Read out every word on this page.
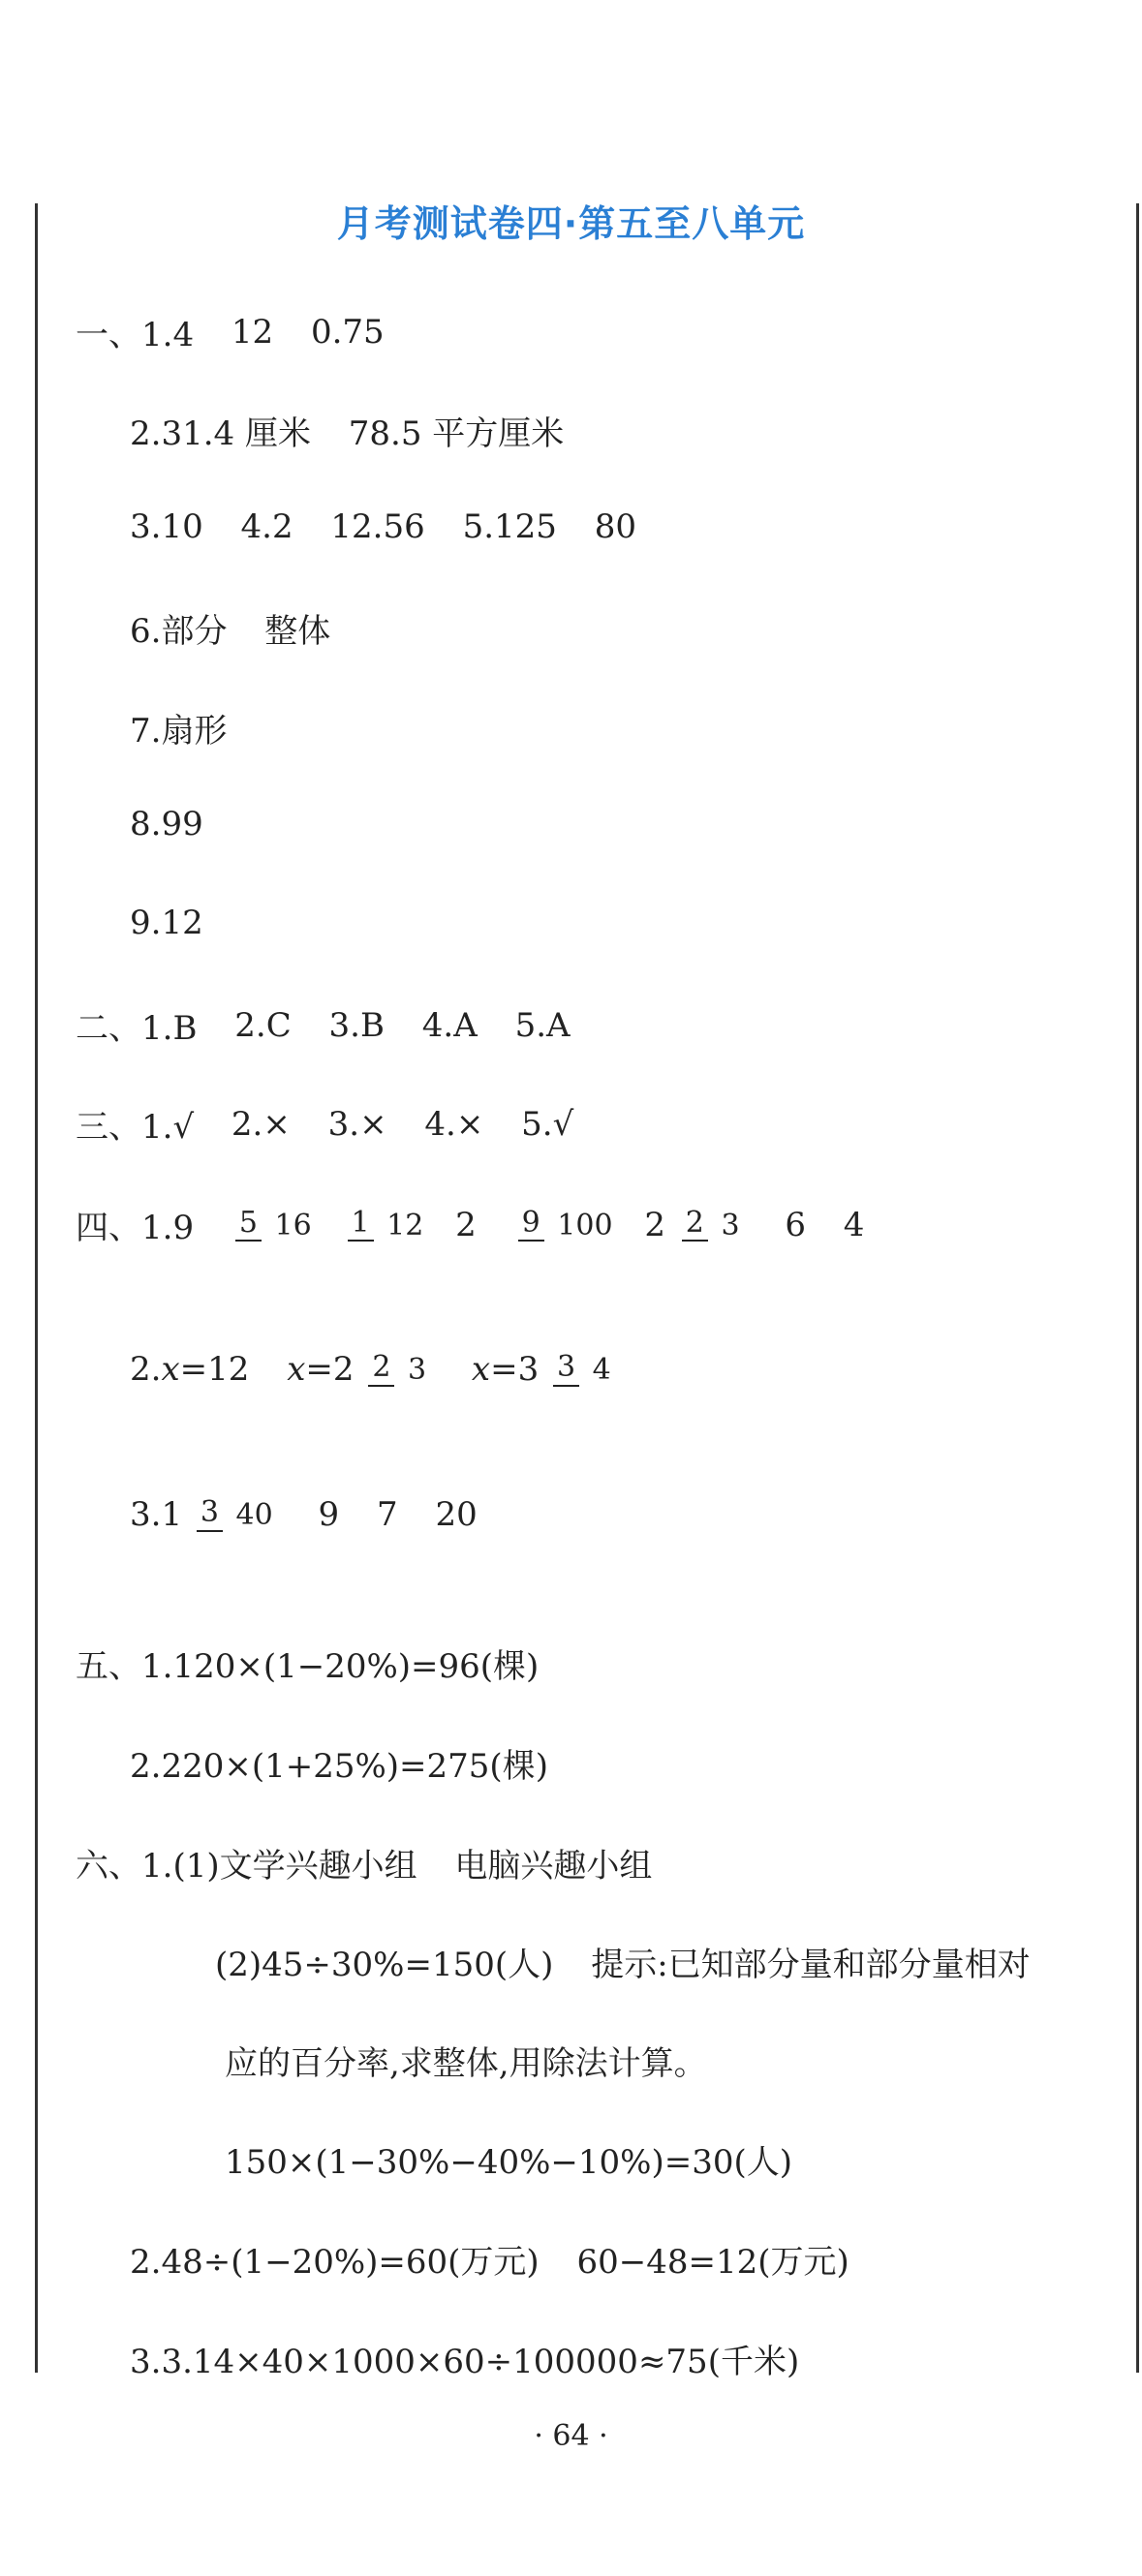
月考测试卷四·第五至八单元
一、1.4 12 0.75
2.31.4 厘米 78.5 平方厘米
3.10 4.2 12.56 5.125 80
6.部分 整体
7.扇形
8.99
9.12
二、1.B 2.C 3.B 4.A 5.A
三、1.√ 2.× 3.× 4.× 5.√
四、1.9 5 16 1 12 2 9 100 2 2 3 6 4
2.x=12 x=2 2 3 x=3 3 4
3.1 3 40 9 7 20
五、1.120×(1−20%)=96(棵)
2.220×(1+25%)=275(棵)
六、1.(1)文学兴趣小组 电脑兴趣小组
(2)45÷30%=150(人) 提示:已知部分量和部分量相对
应的百分率,求整体,用除法计算。
150×(1−30%−40%−10%)=30(人)
2.48÷(1−20%)=60(万元) 60−48=12(万元)
3.3.14×40×1000×60÷100000≈75(千米)
· 64 ·
